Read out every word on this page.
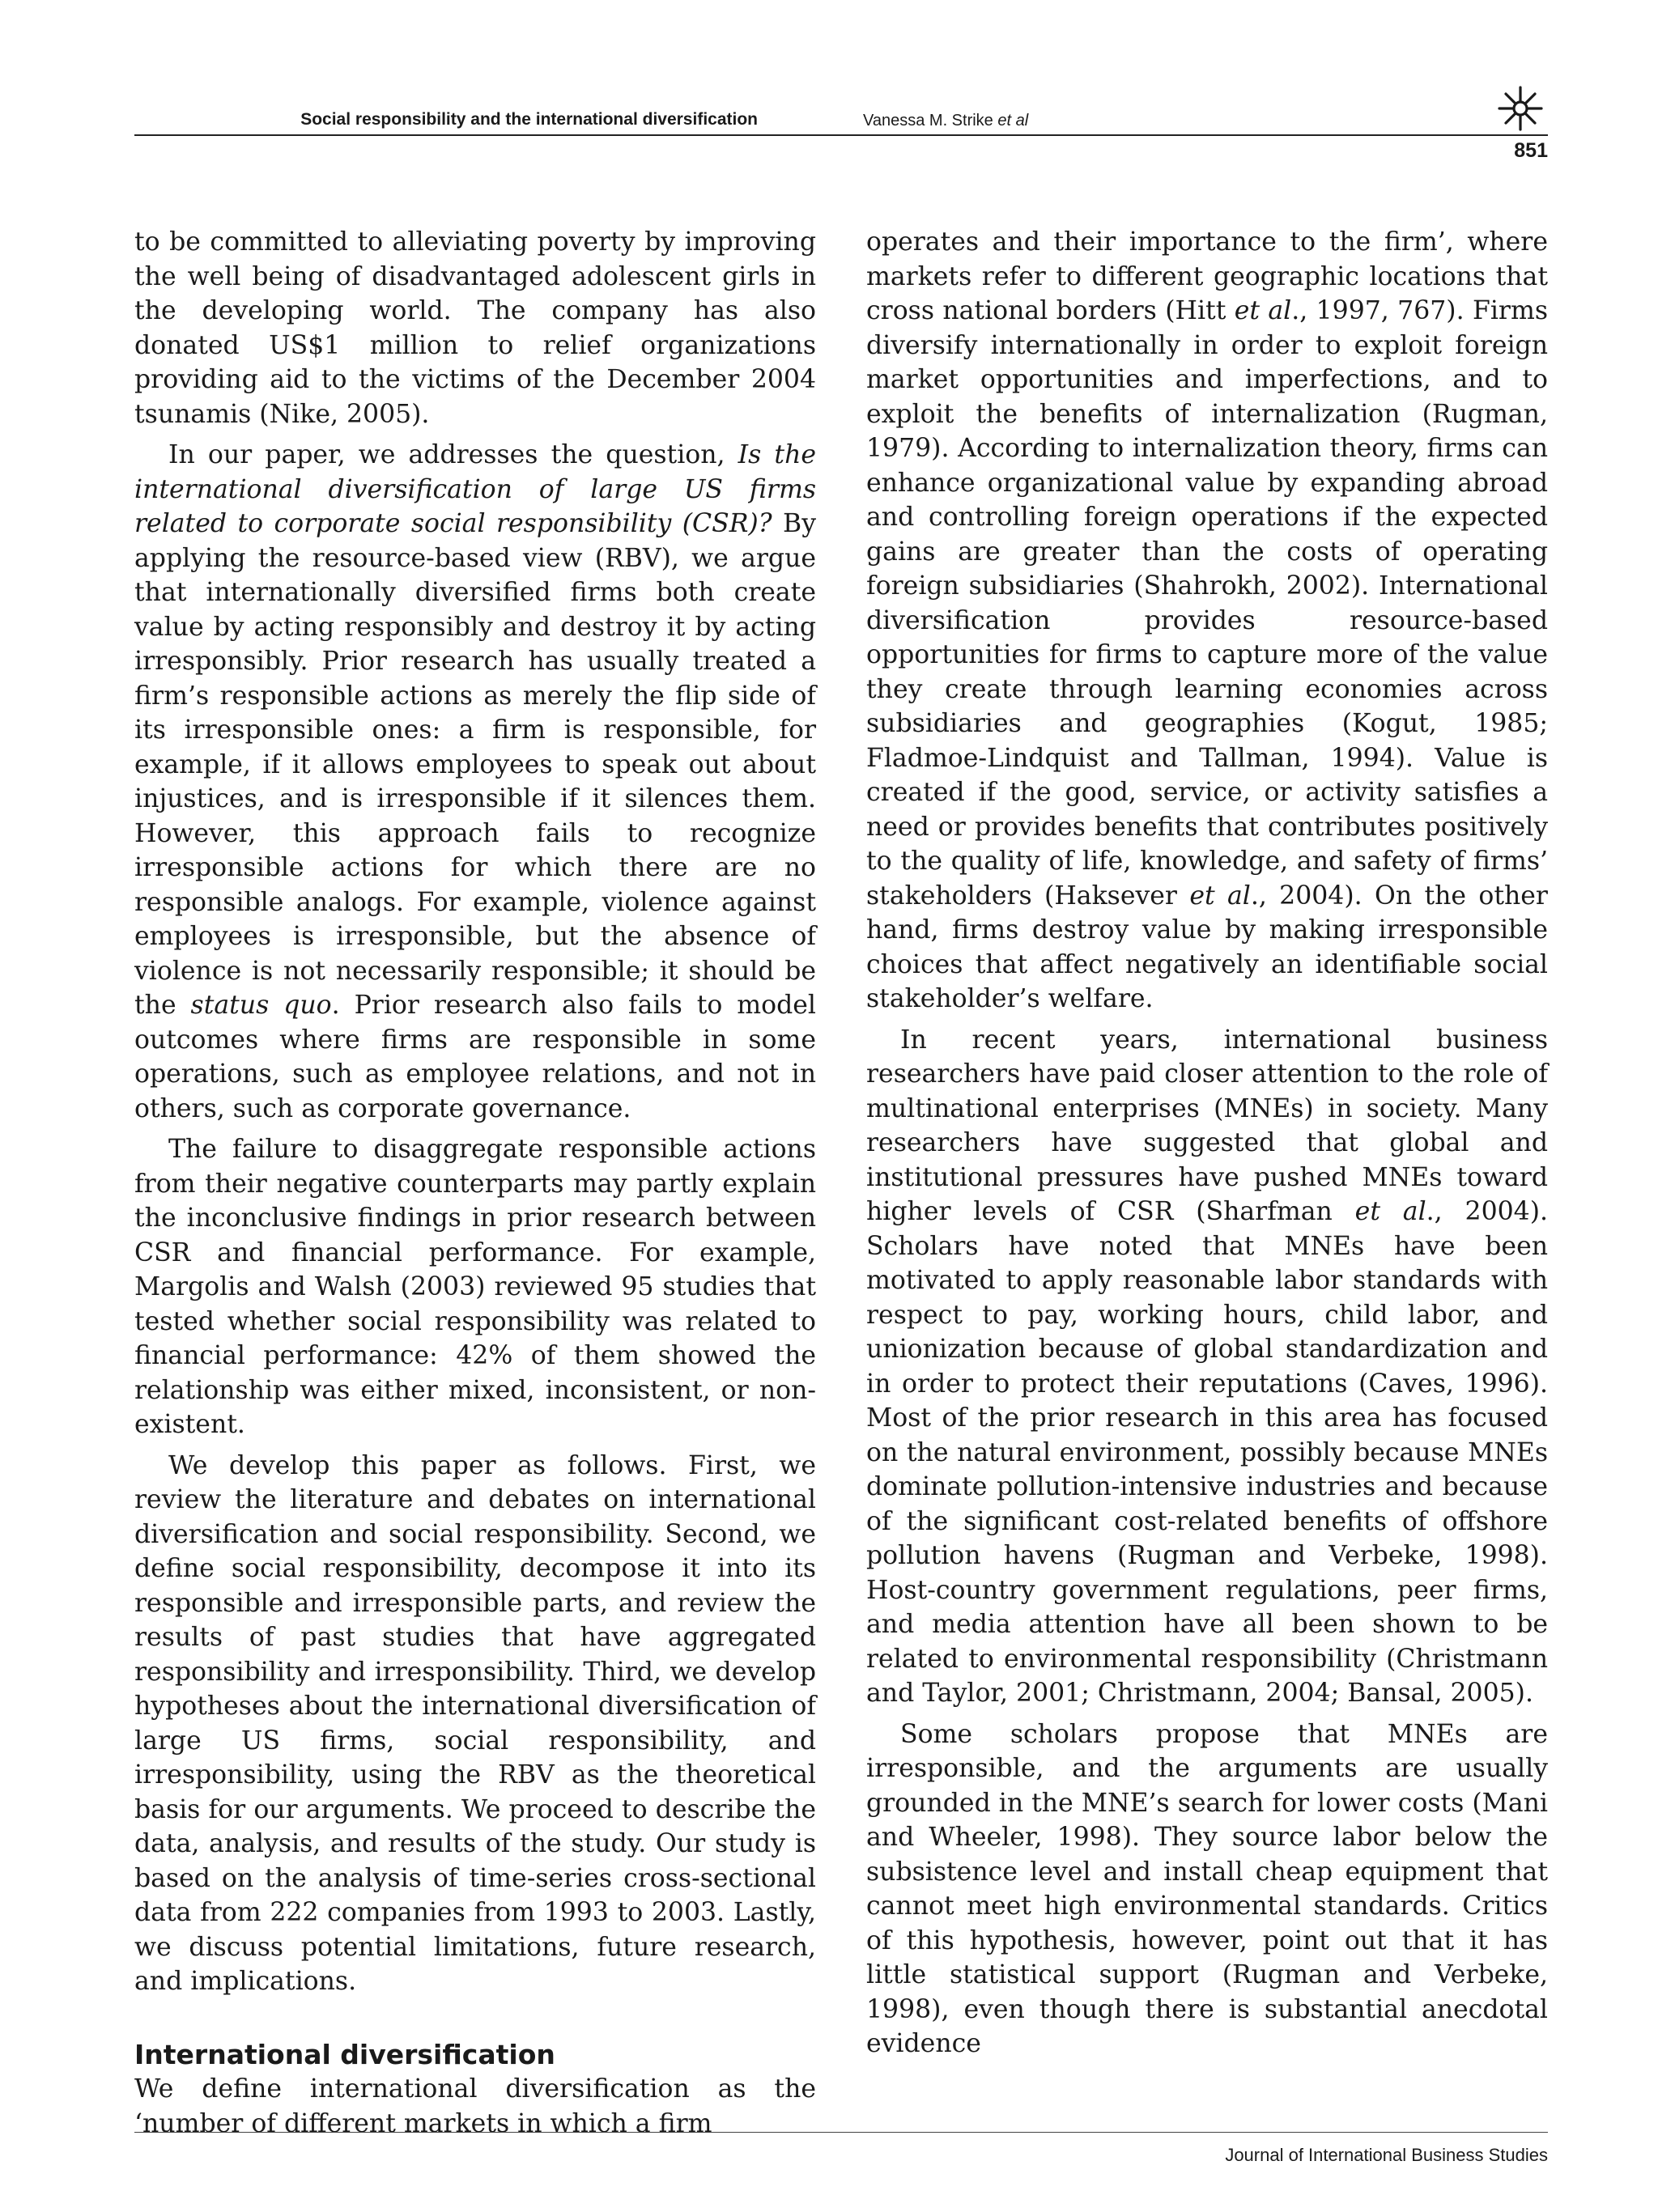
Social responsibility and the international diversification	Vanessa M. Strike et al
851

to be committed to alleviating poverty by improving the well being of disadvantaged adolescent girls in the developing world. The company has also donated US$1 million to relief organizations providing aid to the victims of the December 2004 tsunamis (Nike, 2005).

In our paper, we addresses the question, Is the international diversification of large US firms related to corporate social responsibility (CSR)? By applying the resource-based view (RBV), we argue that internationally diversified firms both create value by acting responsibly and destroy it by acting irresponsibly. Prior research has usually treated a firm’s responsible actions as merely the flip side of its irresponsible ones: a firm is responsible, for example, if it allows employees to speak out about injustices, and is irresponsible if it silences them. However, this approach fails to recognize irresponsible actions for which there are no responsible analogs. For example, violence against employees is irresponsible, but the absence of violence is not necessarily responsible; it should be the status quo. Prior research also fails to model outcomes where firms are responsible in some operations, such as employee relations, and not in others, such as corporate governance.

The failure to disaggregate responsible actions from their negative counterparts may partly explain the inconclusive findings in prior research between CSR and financial performance. For example, Margolis and Walsh (2003) reviewed 95 studies that tested whether social responsibility was related to financial performance: 42% of them showed the relationship was either mixed, inconsistent, or non-existent.

We develop this paper as follows. First, we review the literature and debates on international diversification and social responsibility. Second, we define social responsibility, decompose it into its responsible and irresponsible parts, and review the results of past studies that have aggregated responsibility and irresponsibility. Third, we develop hypotheses about the international diversification of large US firms, social responsibility, and irresponsibility, using the RBV as the theoretical basis for our arguments. We proceed to describe the data, analysis, and results of the study. Our study is based on the analysis of time-series cross-sectional data from 222 companies from 1993 to 2003. Lastly, we discuss potential limitations, future research, and implications.

International diversification

We define international diversification as the ‘number of different markets in which a firm

operates and their importance to the firm’, where markets refer to different geographic locations that cross national borders (Hitt et al., 1997, 767). Firms diversify internationally in order to exploit foreign market opportunities and imperfections, and to exploit the benefits of internalization (Rugman, 1979). According to internalization theory, firms can enhance organizational value by expanding abroad and controlling foreign operations if the expected gains are greater than the costs of operating foreign subsidiaries (Shahrokh, 2002). International diversification provides resource-based opportunities for firms to capture more of the value they create through learning economies across subsidiaries and geographies (Kogut, 1985; Fladmoe-Lindquist and Tallman, 1994). Value is created if the good, service, or activity satisfies a need or provides benefits that contributes positively to the quality of life, knowledge, and safety of firms’ stakeholders (Haksever et al., 2004). On the other hand, firms destroy value by making irresponsible choices that affect negatively an identifiable social stakeholder’s welfare.

In recent years, international business researchers have paid closer attention to the role of multinational enterprises (MNEs) in society. Many researchers have suggested that global and institutional pressures have pushed MNEs toward higher levels of CSR (Sharfman et al., 2004). Scholars have noted that MNEs have been motivated to apply reasonable labor standards with respect to pay, working hours, child labor, and unionization because of global standardization and in order to protect their reputations (Caves, 1996). Most of the prior research in this area has focused on the natural environment, possibly because MNEs dominate pollution-intensive industries and because of the significant cost-related benefits of offshore pollution havens (Rugman and Verbeke, 1998). Host-country government regulations, peer firms, and media attention have all been shown to be related to environmental responsibility (Christmann and Taylor, 2001; Christmann, 2004; Bansal, 2005).

Some scholars propose that MNEs are irresponsible, and the arguments are usually grounded in the MNE’s search for lower costs (Mani and Wheeler, 1998). They source labor below the subsistence level and install cheap equipment that cannot meet high environmental standards. Critics of this hypothesis, however, point out that it has little statistical support (Rugman and Verbeke, 1998), even though there is substantial anecdotal evidence

Journal of International Business Studies
